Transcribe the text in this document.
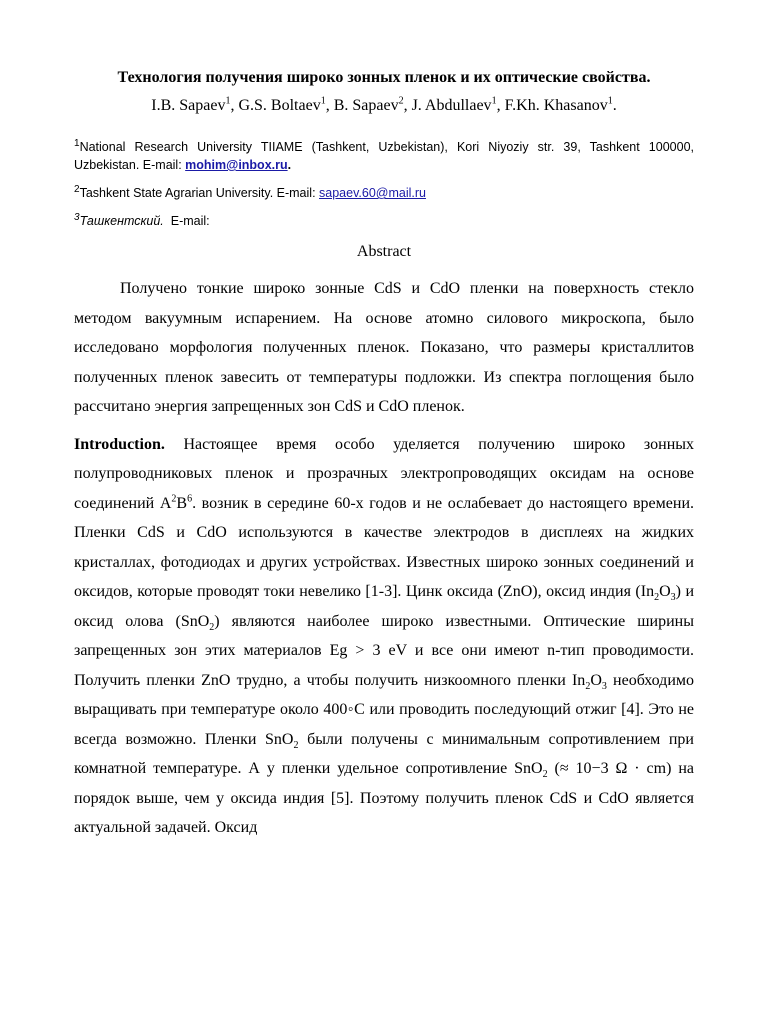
Технология получения широко зонных пленок и их оптические свойства.

I.B. Sapaev$^1$, G.S. Boltaev$^1$, B. Sapaev$^2$, J. Abdullaev$^1$, F.Kh. Khasanov$^1$.

$^1$National Research University TIIAME (Tashkent, Uzbekistan), Kori Niyoziy str. 39, Tashkent 100000, Uzbekistan. E-mail: mohim@inbox.ru.

$^2$Tashkent State Agrarian University. E-mail: sapaev.60@mail.ru

$^3$Ташкентский. E-mail:

Abstract

Получено тонкие широко зонные CdS и CdO пленки на поверхность стекло методом вакуумным испарением. На основе атомно силового микроскопа, было исследовано морфология полученных пленок. Показано, что размеры кристаллитов полученных пленок завесить от температуры подложки. Из спектра поглощения было рассчитано энергия запрещенных зон CdS и CdO пленок.

Introduction. Настоящее время особо уделяется получению широко зонных полупроводниковых пленок и прозрачных электропроводящих оксидам на основе соединений $A^2B^6$. возник в середине 60-х годов и не ослабевает до настоящего времени. Пленки CdS и CdO используются в качестве электродов в дисплеях на жидких кристаллах, фотодиодах и других устройствах. Известных широко зонных соединений и оксидов, которые проводят токи невелико [1-3]. Цинк оксида (ZnO), оксид индия $(In_2O_3)$ и оксид олова (SnO$_2$) являются наиболее широко известными. Оптические ширины запрещенных зон этих материалов Eg > 3 eV и все они имеют n-тип проводимости. Получить пленки ZnO трудно, а чтобы получить низкоомного пленки $In_2O_3$ необходимо выращивать при температуре около 400◦С или проводить последующий отжиг [4]. Это не всегда возможно. Пленки SnO$_2$ были получены с минимальным сопротивлением при комнатной температуре. А у пленки удельное сопротивление SnO$_2$ (≈ 10−3 Ω · cm) на порядок выше, чем у оксида индия [5]. Поэтому получить пленок CdS и CdO является актуальной задачей. Оксид
